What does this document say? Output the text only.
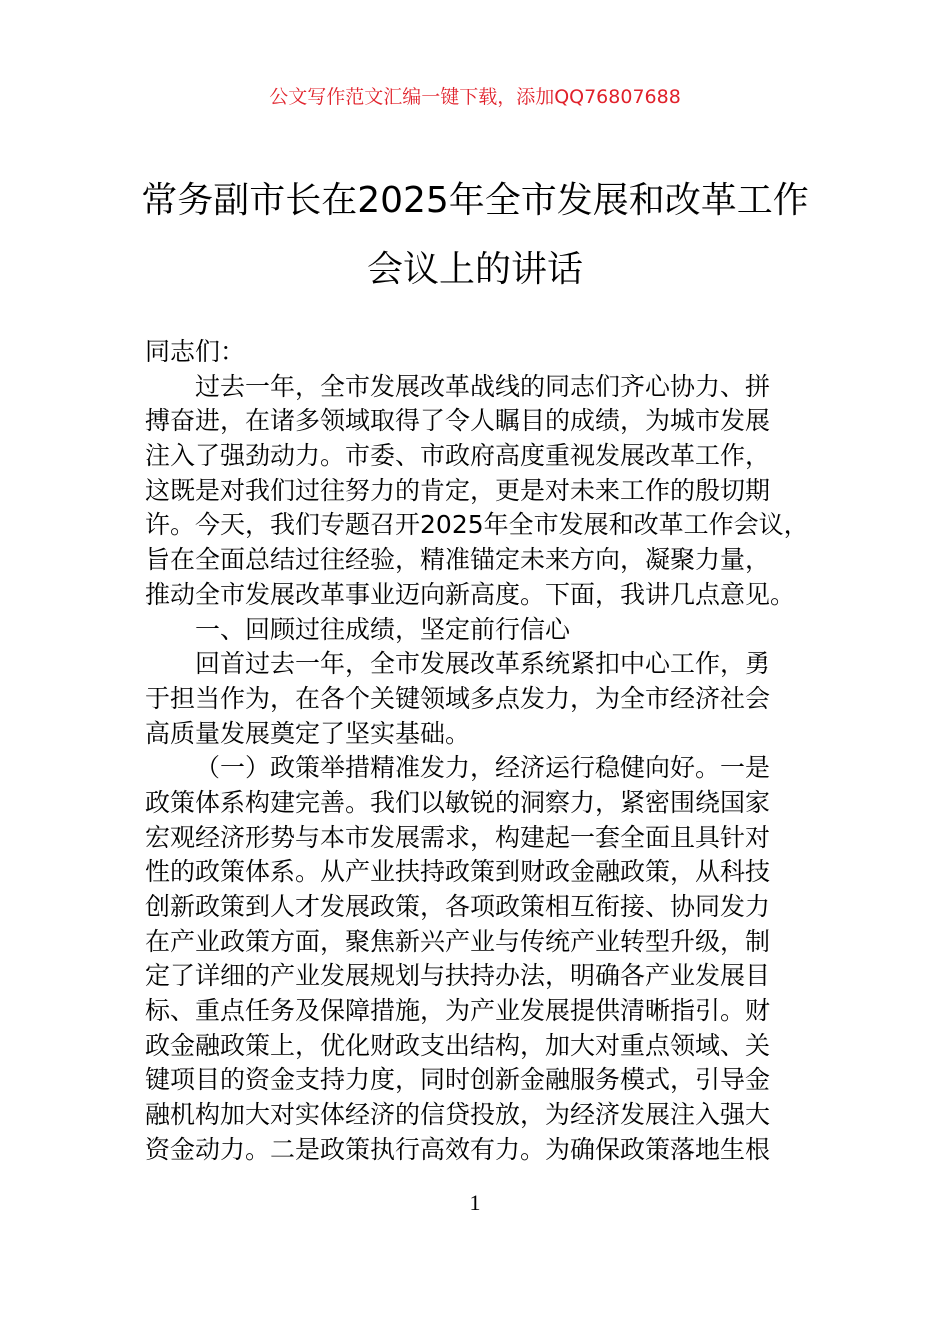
公文写作范文汇编一键下载，添加QQ76807688
常务副市长在2025年全市发展和改革工作
会议上的讲话
同志们：
过去一年，全市发展改革战线的同志们齐心协力、拼
搏奋进，在诸多领域取得了令人瞩目的成绩，为城市发展
注入了强劲动力。市委、市政府高度重视发展改革工作，
这既是对我们过往努力的肯定，更是对未来工作的殷切期
许。今天，我们专题召开2025年全市发展和改革工作会议，
旨在全面总结过往经验，精准锚定未来方向，凝聚力量，
推动全市发展改革事业迈向新高度。下面，我讲几点意见。
一、回顾过往成绩，坚定前行信心
回首过去一年，全市发展改革系统紧扣中心工作，勇
于担当作为，在各个关键领域多点发力，为全市经济社会
高质量发展奠定了坚实基础。
（一）政策举措精准发力，经济运行稳健向好。一是
政策体系构建完善。我们以敏锐的洞察力，紧密围绕国家
宏观经济形势与本市发展需求，构建起一套全面且具针对
性的政策体系。从产业扶持政策到财政金融政策，从科技
创新政策到人才发展政策，各项政策相互衔接、协同发力
在产业政策方面，聚焦新兴产业与传统产业转型升级，制
定了详细的产业发展规划与扶持办法，明确各产业发展目
标、重点任务及保障措施，为产业发展提供清晰指引。财
政金融政策上，优化财政支出结构，加大对重点领域、关
键项目的资金支持力度，同时创新金融服务模式，引导金
融机构加大对实体经济的信贷投放，为经济发展注入强大
资金动力。二是政策执行高效有力。为确保政策落地生根
1
